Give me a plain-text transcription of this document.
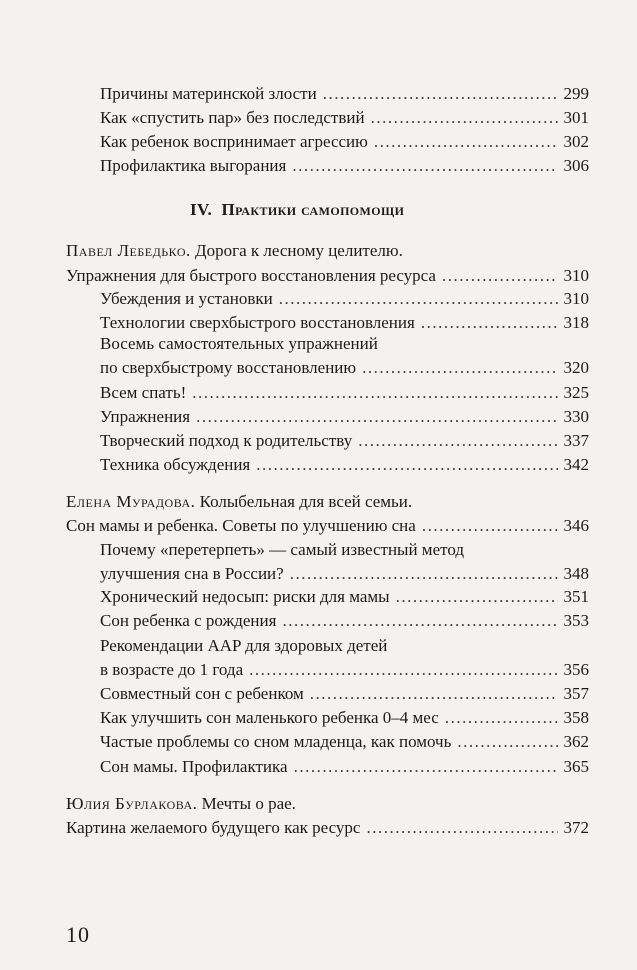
Причины материнской злости .....	299
Как «спустить пар» без последствий .....	301
Как ребенок воспринимает агрессию .....	302
Профилактика выгорания .....	306
IV. Практики самопомощи
Павел Лебедько. Дорога к лесному целителю.
Упражнения для быстрого восстановления ресурса .....	310
Убеждения и установки .....	310
Технологии сверхбыстрого восстановления .....	318
Восемь самостоятельных упражнений
по сверхбыстрому восстановлению .....	320
Всем спать! .....	325
Упражнения .....	330
Творческий подход к родительству .....	337
Техника обсуждения .....	342
Елена Мурадова. Колыбельная для всей семьи.
Сон мамы и ребенка. Советы по улучшению сна .....	346
Почему «перетерпеть» — самый известный метод
улучшения сна в России? .....	348
Хронический недосып: риски для мамы .....	351
Сон ребенка с рождения .....	353
Рекомендации AAP для здоровых детей
в возрасте до 1 года .....	356
Совместный сон с ребенком .....	357
Как улучшить сон маленького ребенка 0–4 мес .....	358
Частые проблемы со сном младенца, как помочь .....	362
Сон мамы. Профилактика .....	365
Юлия Бурлакова. Мечты о рае.
Картина желаемого будущего как ресурс .....	372
10
